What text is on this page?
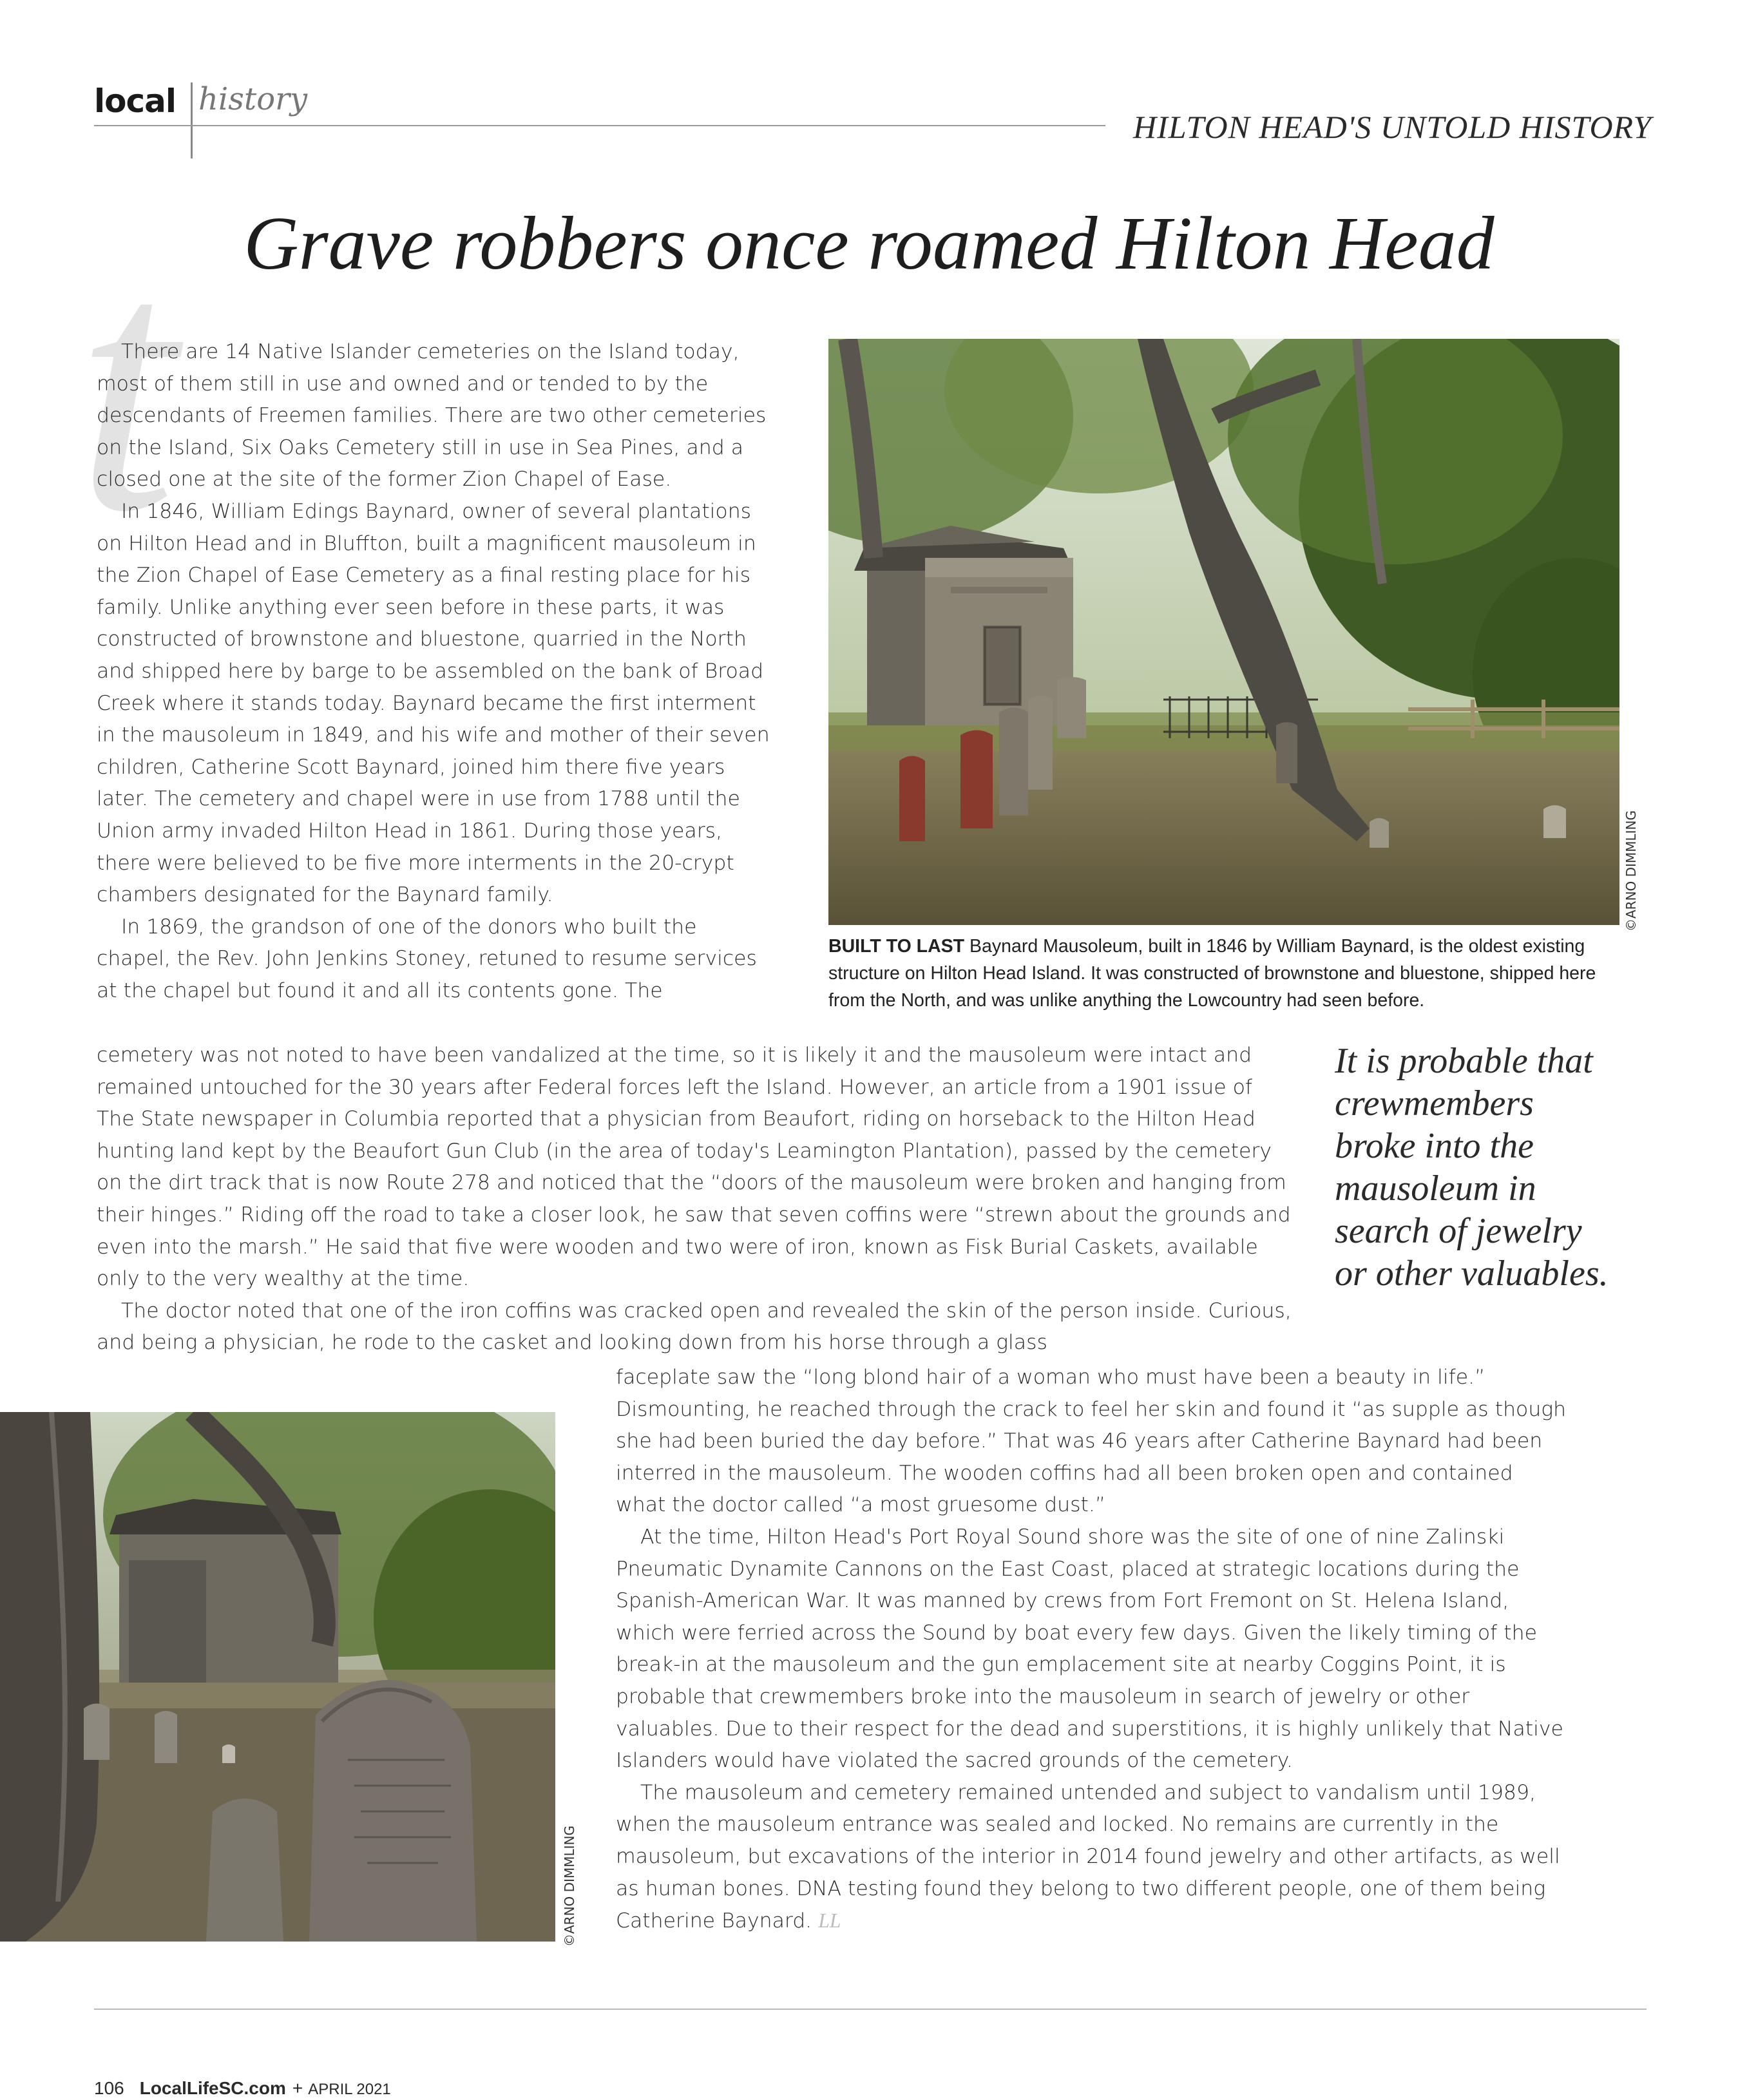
local history
HILTON HEAD'S UNTOLD HISTORY
t Grave robbers once roamed Hilton Head

There are 14 Native Islander cemeteries on the Island today, most of them still in use and owned and or tended to by the descendants of Freemen families. There are two other cemeteries on the Island, Six Oaks Cemetery still in use in Sea Pines, and a closed one at the site of the former Zion Chapel of Ease.

In 1846, William Edings Baynard, owner of several plantations on Hilton Head and in Bluffton, built a magnificent mausoleum in the Zion Chapel of Ease Cemetery as a final resting place for his family. Unlike anything ever seen before in these parts, it was constructed of brownstone and bluestone, quarried in the North and shipped here by barge to be assembled on the bank of Broad Creek where it stands today. Baynard became the first interment in the mausoleum in 1849, and his wife and mother of their seven children, Catherine Scott Baynard, joined him there five years later. The cemetery and chapel were in use from 1788 until the Union army invaded Hilton Head in 1861. During those years, there were believed to be five more interments in the 20-crypt chambers designated for the Baynard family.

In 1869, the grandson of one of the donors who built the chapel, the Rev. John Jenkins Stoney, retuned to resume services at the chapel but found it and all its contents gone. The

©ARNO DIMMLING
BUILT TO LAST Baynard Mausoleum, built in 1846 by William Baynard, is the oldest existing structure on Hilton Head Island. It was constructed of brownstone and bluestone, shipped here from the North, and was unlike anything the Lowcountry had seen before.

cemetery was not noted to have been vandalized at the time, so it is likely it and the mausoleum were intact and remained untouched for the 30 years after Federal forces left the Island. However, an article from a 1901 issue of The State newspaper in Columbia reported that a physician from Beaufort, riding on horseback to the Hilton Head hunting land kept by the Beaufort Gun Club (in the area of today's Leamington Plantation), passed by the cemetery on the dirt track that is now Route 278 and noticed that the “doors of the mausoleum were broken and hanging from their hinges.” Riding off the road to take a closer look, he saw that seven coffins were “strewn about the grounds and even into the marsh.” He said that five were wooden and two were of iron, known as Fisk Burial Caskets, available only to the very wealthy at the time.

The doctor noted that one of the iron coffins was cracked open and revealed the skin of the person inside. Curious, and being a physician, he rode to the casket and looking down from his horse through a glass

It is probable that crewmembers broke into the mausoleum in search of jewelry or other valuables.
©ARNO DIMMLING

faceplate saw the “long blond hair of a woman who must have been a beauty in life.” Dismounting, he reached through the crack to feel her skin and found it “as supple as though she had been buried the day before.” That was 46 years after Catherine Baynard had been interred in the mausoleum. The wooden coffins had all been broken open and contained what the doctor called “a most gruesome dust.”

At the time, Hilton Head's Port Royal Sound shore was the site of one of nine Zalinski Pneumatic Dynamite Cannons on the East Coast, placed at strategic locations during the Spanish-American War. It was manned by crews from Fort Fremont on St. Helena Island, which were ferried across the Sound by boat every few days. Given the likely timing of the break-in at the mausoleum and the gun emplacement site at nearby Coggins Point, it is probable that crewmembers broke into the mausoleum in search of jewelry or other valuables. Due to their respect for the dead and superstitions, it is highly unlikely that Native Islanders would have violated the sacred grounds of the cemetery.

The mausoleum and cemetery remained untended and subject to vandalism until 1989, when the mausoleum entrance was sealed and locked. No remains are currently in the mausoleum, but excavations of the interior in 2014 found jewelry and other artifacts, as well as human bones. DNA testing found they belong to two different people, one of them being Catherine Baynard. LL

106 LocalLifeSC.com + APRIL 2021
